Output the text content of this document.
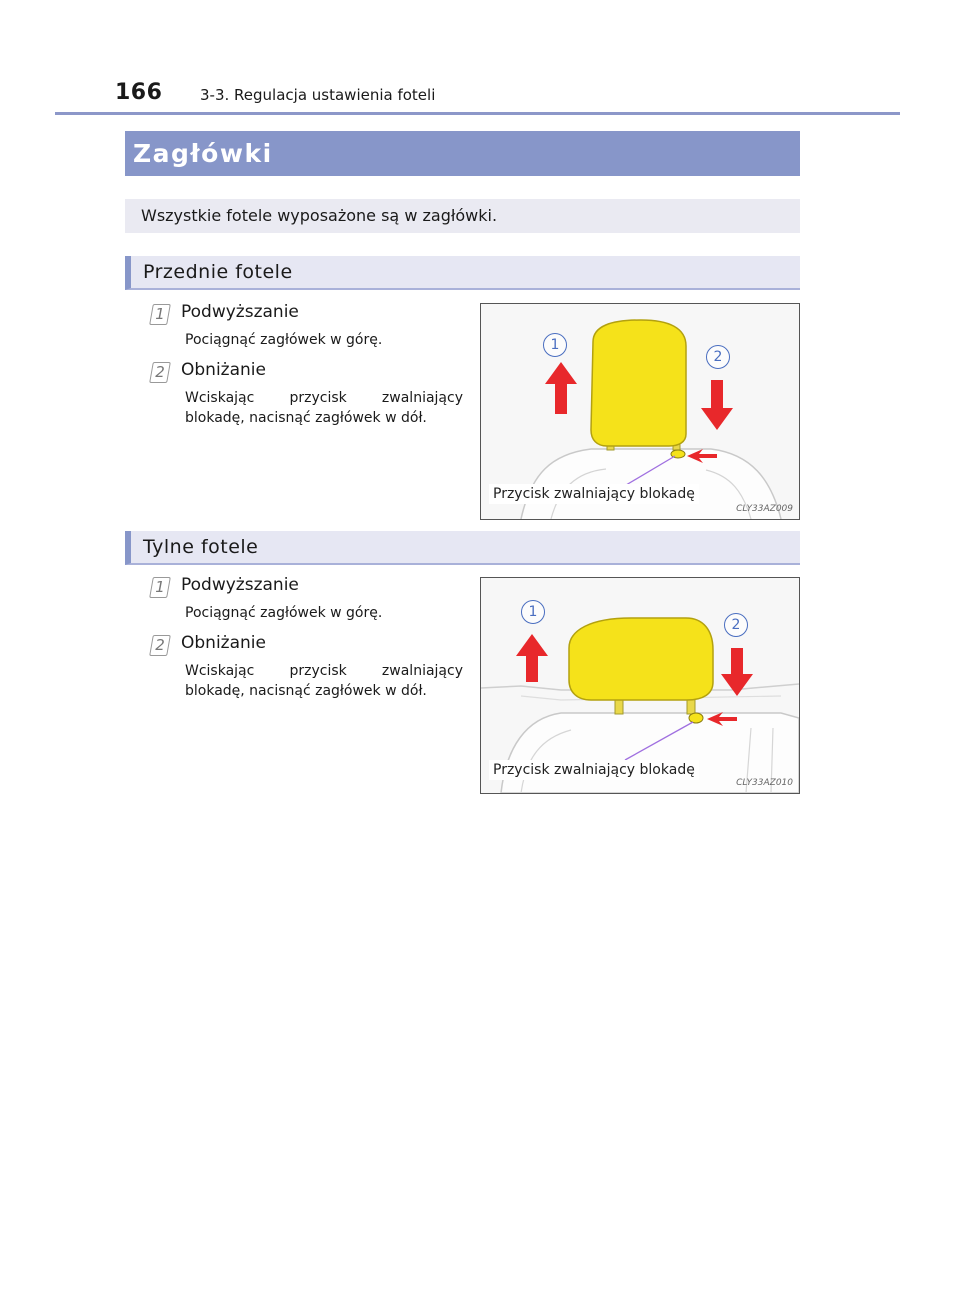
166	3-3. Regulacja ustawienia foteli
Zagłówki
Wszystkie fotele wyposażone są w zagłówki.
Przednie fotele
1 Podwyższanie
Pociągnąć zagłówek w górę.
2 Obniżanie
Wciskając przycisk zwalniający blokadę, nacisnąć zagłówek w dół.
1
2
Przycisk zwalniający blokadę
CLY33AZ009
Tylne fotele
1 Podwyższanie
Pociągnąć zagłówek w górę.
2 Obniżanie
Wciskając przycisk zwalniający blokadę, nacisnąć zagłówek w dół.
1
2
Przycisk zwalniający blokadę
CLY33AZ010
